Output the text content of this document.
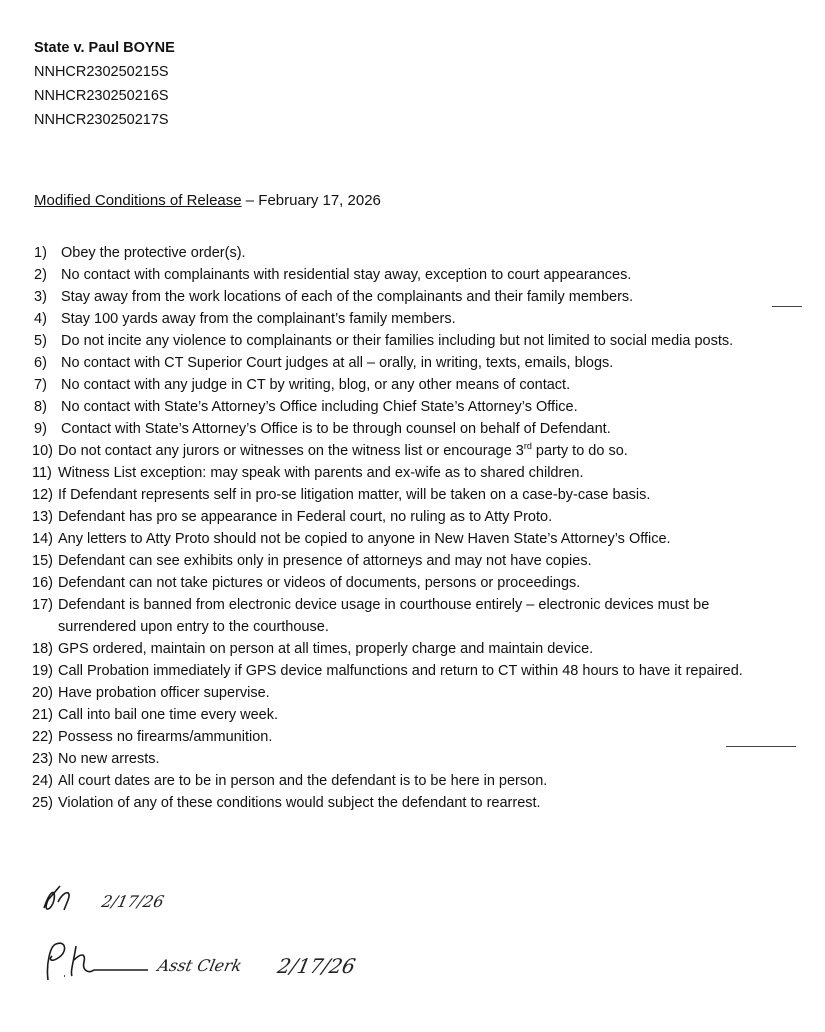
State v. Paul BOYNE
NNHCR230250215S
NNHCR230250216S
NNHCR230250217S
Modified Conditions of Release – February 17, 2026
1) Obey the protective order(s).
2) No contact with complainants with residential stay away, exception to court appearances.
3) Stay away from the work locations of each of the complainants and their family members.
4) Stay 100 yards away from the complainant’s family members.
5) Do not incite any violence to complainants or their families including but not limited to social media posts.
6) No contact with CT Superior Court judges at all – orally, in writing, texts, emails, blogs.
7) No contact with any judge in CT by writing, blog, or any other means of contact.
8) No contact with State’s Attorney’s Office including Chief State’s Attorney’s Office.
9) Contact with State’s Attorney’s Office is to be through counsel on behalf of Defendant.
10) Do not contact any jurors or witnesses on the witness list or encourage 3rd party to do so.
11) Witness List exception: may speak with parents and ex-wife as to shared children.
12) If Defendant represents self in pro-se litigation matter, will be taken on a case-by-case basis.
13) Defendant has pro se appearance in Federal court, no ruling as to Atty Proto.
14) Any letters to Atty Proto should not be copied to anyone in New Haven State’s Attorney’s Office.
15) Defendant can see exhibits only in presence of attorneys and may not have copies.
16) Defendant can not take pictures or videos of documents, persons or proceedings.
17) Defendant is banned from electronic device usage in courthouse entirely – electronic devices must be surrendered upon entry to the courthouse.
18) GPS ordered, maintain on person at all times, properly charge and maintain device.
19) Call Probation immediately if GPS device malfunctions and return to CT within 48 hours to have it repaired.
20) Have probation officer supervise.
21) Call into bail one time every week.
22) Possess no firearms/ammunition.
23) No new arrests.
24) All court dates are to be in person and the defendant is to be here in person.
25) Violation of any of these conditions would subject the defendant to rearrest.
2/17/26
Asst Clerk 2/17/26
